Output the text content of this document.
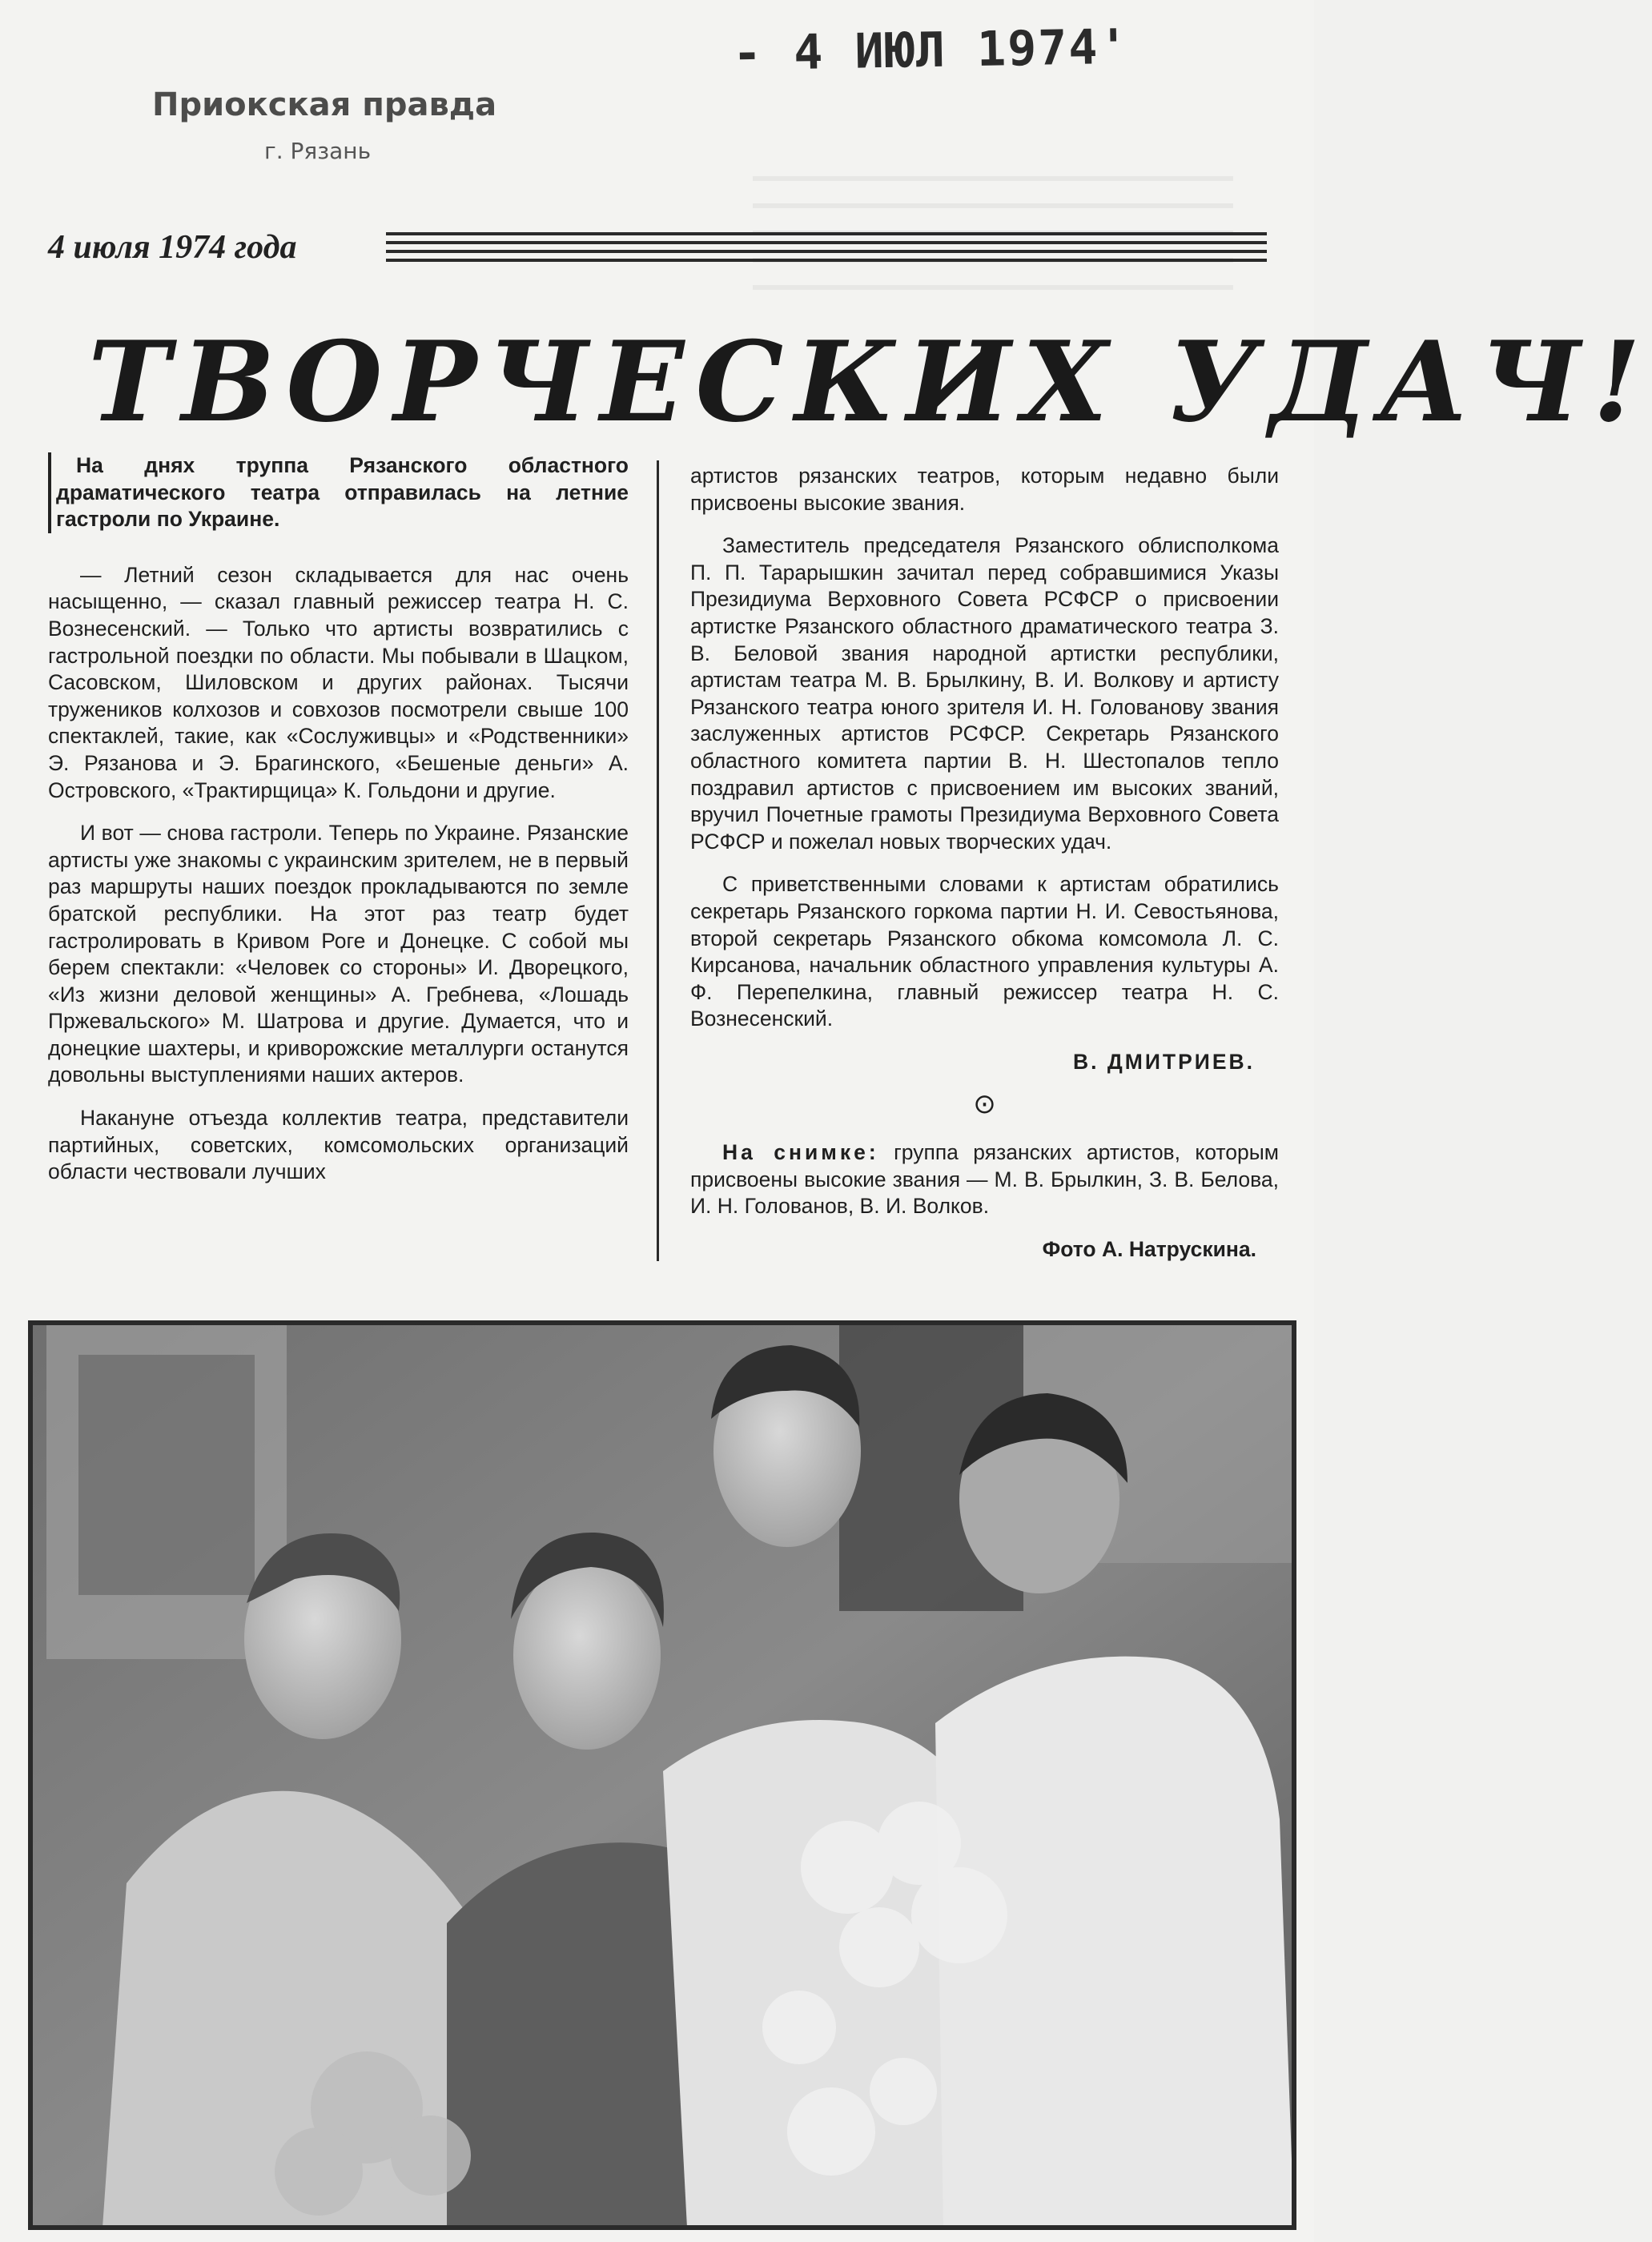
- 4 ИЮЛ 1974'
Приокская правда
г. Рязань
4 июля 1974 года
ТВОРЧЕСКИХ УДАЧ!

На днях труппа Рязанского областного драматического театра отправилась на летние гастроли по Украине.

— Летний сезон складывается для нас очень насыщенно, — сказал главный режиссер театра Н. С. Вознесенский. — Только что артисты возвратились с гастрольной поездки по области. Мы побывали в Шацком, Сасовском, Шиловском и других районах. Тысячи тружеников колхозов и совхозов посмотрели свыше 100 спектаклей, такие, как «Сослуживцы» и «Родственники» Э. Рязанова и Э. Брагинского, «Бешеные деньги» А. Островского, «Трактирщица» К. Гольдони и другие.

И вот — снова гастроли. Теперь по Украине. Рязанские артисты уже знакомы с украинским зрителем, не в первый раз маршруты наших поездок прокладываются по земле братской республики. На этот раз театр будет гастролировать в Кривом Роге и Донецке. С собой мы берем спектакли: «Человек со стороны» И. Дворецкого, «Из жизни деловой женщины» А. Гребнева, «Лошадь Пржевальского» М. Шатрова и другие. Думается, что и донецкие шахтеры, и криворожские металлурги останутся довольны выступлениями наших актеров.

Накануне отъезда коллектив театра, представители партийных, советских, комсомольских организаций области чествовали лучших

артистов рязанских театров, которым недавно были присвоены высокие звания.

Заместитель председателя Рязанского облисполкома П. П. Тарарышкин зачитал перед собравшимися Указы Президиума Верховного Совета РСФСР о присвоении артистке Рязанского областного драматического театра З. В. Беловой звания народной артистки республики, артистам театра М. В. Брылкину, В. И. Волкову и артисту Рязанского театра юного зрителя И. Н. Голованову звания заслуженных артистов РСФСР. Секретарь Рязанского областного комитета партии В. Н. Шестопалов тепло поздравил артистов с присвоением им высоких званий, вручил Почетные грамоты Президиума Верховного Совета РСФСР и пожелал новых творческих удач.

С приветственными словами к артистам обратились секретарь Рязанского горкома партии Н. И. Севостьянова, второй секретарь Рязанского обкома комсомола Л. С. Кирсанова, начальник областного управления культуры А. Ф. Перепелкина, главный режиссер театра Н. С. Вознесенский.

В. ДМИТРИЕВ.
⊙

На снимке: группа рязанских артистов, которым присвоены высокие звания — М. В. Брылкин, З. В. Белова, И. Н. Голованов, В. И. Волков.

Фото А. Натрускина.
